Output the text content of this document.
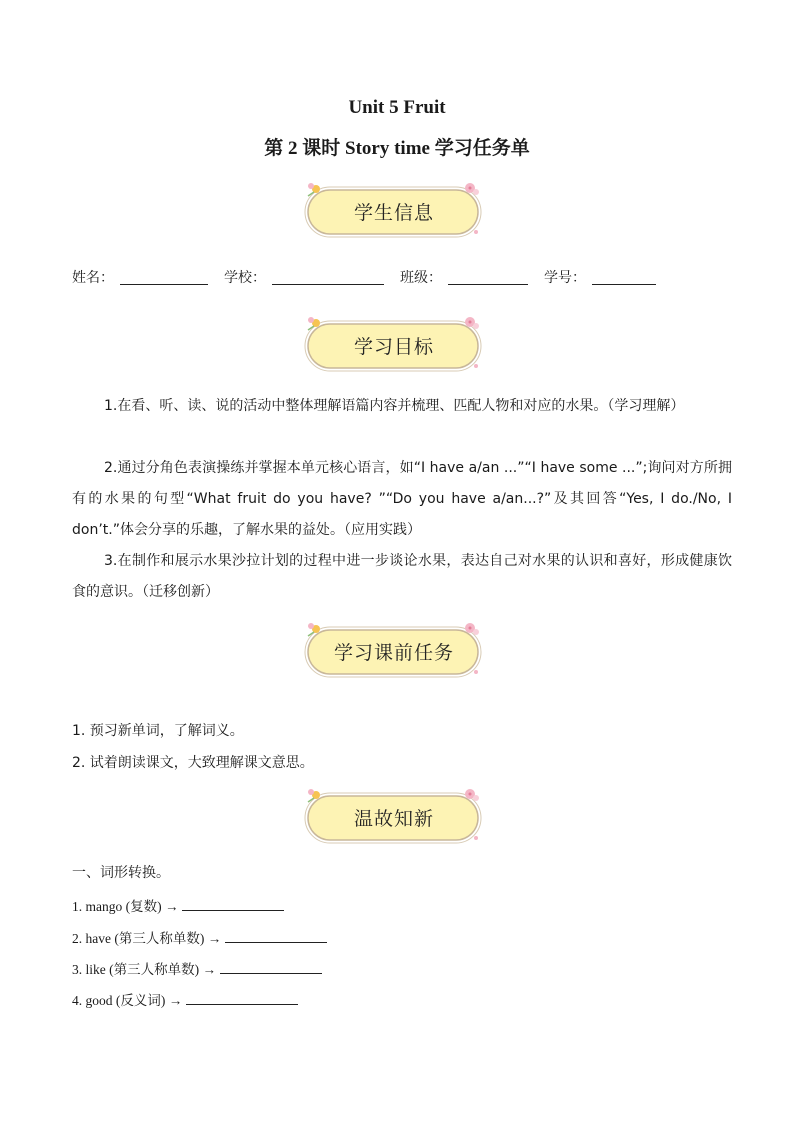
Unit 5 Fruit
第 2 课时 Story time 学习任务单
学生信息
姓名：	学校：	班级：	学号：
学习目标
1.在看、听、读、说的活动中整体理解语篇内容并梳理、匹配人物和对应的水果。（学习理解）
2.通过分角色表演操练并掌握本单元核心语言，如“I have a/an ...”“I have some ...”;询问对方所拥有的水果的句型“What fruit do you have? ”“Do you have a/an...?”及其回答“Yes, I do./No, I don’t.”体会分享的乐趣，了解水果的益处。（应用实践）
3.在制作和展示水果沙拉计划的过程中进一步谈论水果，表达自己对水果的认识和喜好，形成健康饮食的意识。（迁移创新）
学习课前任务
1. 预习新单词，了解词义。
2. 试着朗读课文，大致理解课文意思。
温故知新
一、词形转换。
1. mango (复数) →
2. have (第三人称单数) →
3. like (第三人称单数) →
4. good (反义词) →
